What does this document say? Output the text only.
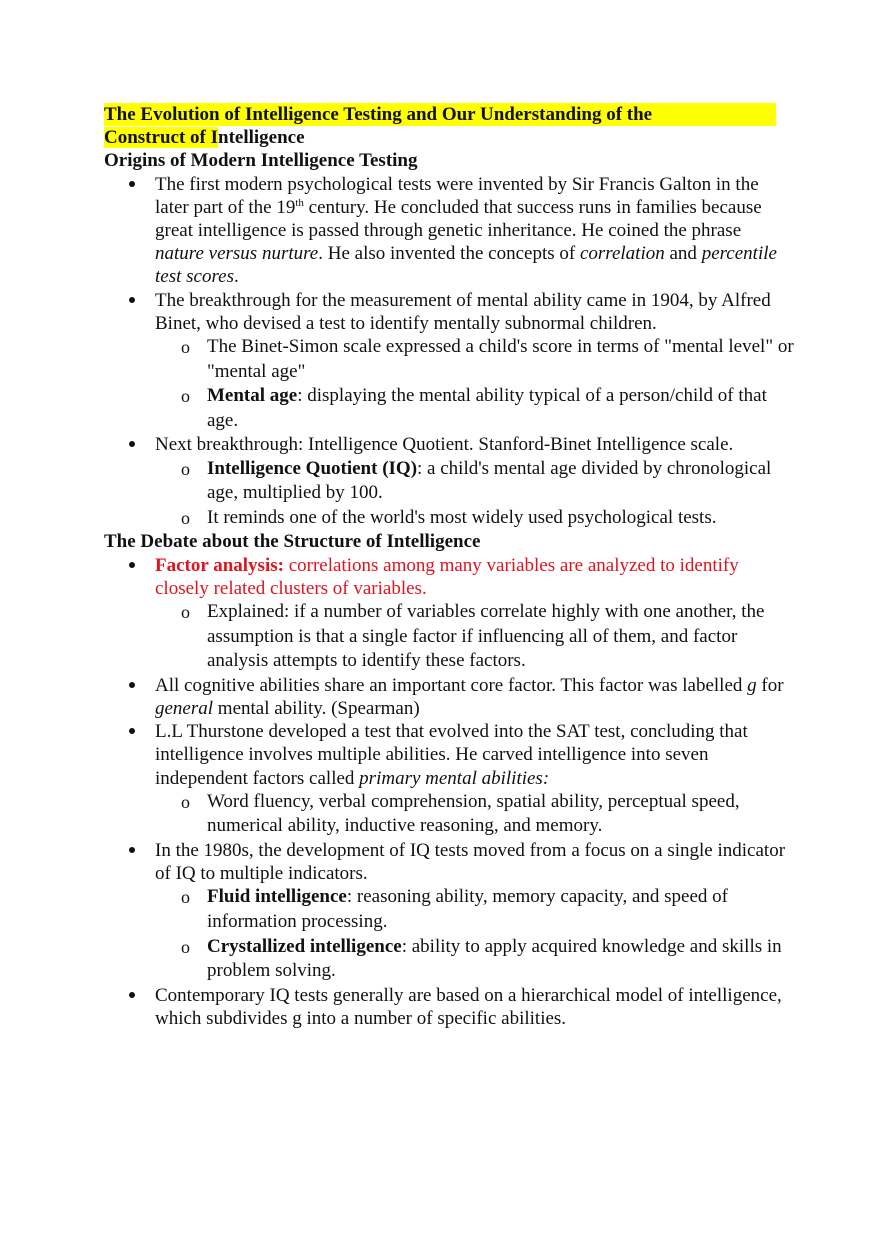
The Evolution of Intelligence Testing and Our Understanding of the
Construct of Intelligence

Origins of Modern Intelligence Testing
The first modern psychological tests were invented by Sir Francis Galton in the later part of the 19th century. He concluded that success runs in families because great intelligence is passed through genetic inheritance. He coined the phrase nature versus nurture. He also invented the concepts of correlation and percentile test scores.
The breakthrough for the measurement of mental ability came in 1904, by Alfred Binet, who devised a test to identify mentally subnormal children.
o The Binet-Simon scale expressed a child's score in terms of "mental level" or "mental age"
o Mental age: displaying the mental ability typical of a person/child of that age.
Next breakthrough: Intelligence Quotient. Stanford-Binet Intelligence scale.
o Intelligence Quotient (IQ): a child's mental age divided by chronological age, multiplied by 100.
o It reminds one of the world's most widely used psychological tests.
The Debate about the Structure of Intelligence
Factor analysis: correlations among many variables are analyzed to identify closely related clusters of variables.
o Explained: if a number of variables correlate highly with one another, the assumption is that a single factor if influencing all of them, and factor analysis attempts to identify these factors.
All cognitive abilities share an important core factor. This factor was labelled g for general mental ability. (Spearman)
L.L Thurstone developed a test that evolved into the SAT test, concluding that intelligence involves multiple abilities. He carved intelligence into seven independent factors called primary mental abilities:
o Word fluency, verbal comprehension, spatial ability, perceptual speed, numerical ability, inductive reasoning, and memory.
In the 1980s, the development of IQ tests moved from a focus on a single indicator of IQ to multiple indicators.
o Fluid intelligence: reasoning ability, memory capacity, and speed of information processing.
o Crystallized intelligence: ability to apply acquired knowledge and skills in problem solving.
Contemporary IQ tests generally are based on a hierarchical model of intelligence, which subdivides g into a number of specific abilities.
